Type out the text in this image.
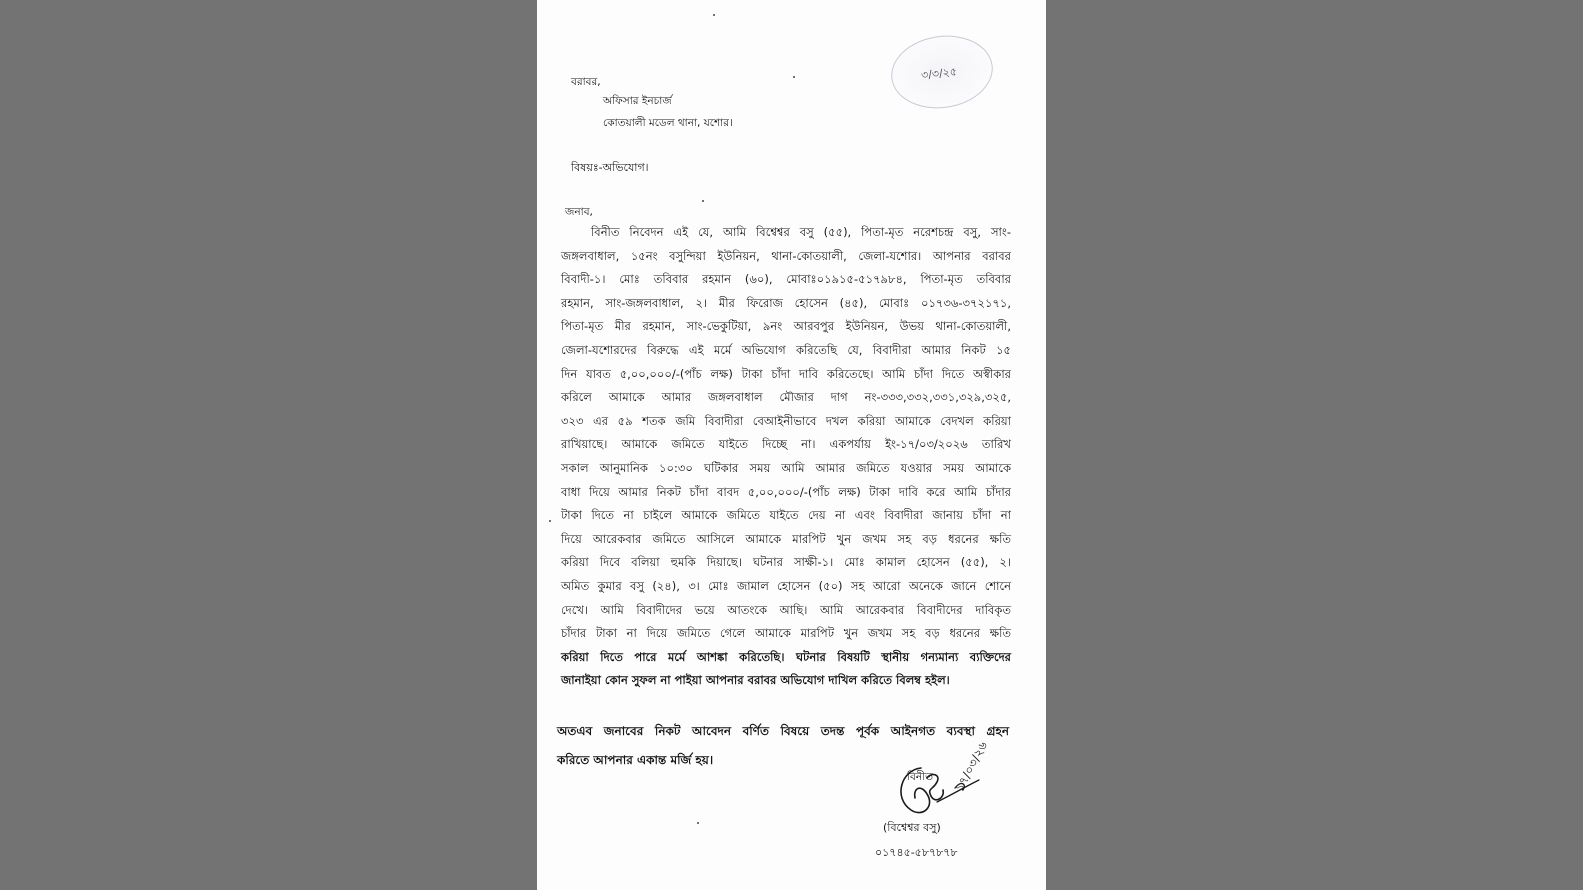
৩/৩/২৫
বরাবর,
অফিসার ইনচার্জ
কোতয়ালী মডেল থানা, যশোর।
বিষয়ঃ-অভিযোগ।
জনাব,
বিনীত নিবেদন এই যে, আমি বিশ্বেশ্বর বসু (৫৫), পিতা-মৃত নরেশচন্দ্র বসু, সাং-
জঙ্গলবাধাল, ১৫নং বসুন্দিয়া ইউনিয়ন, থানা-কোতয়ালী, জেলা-যশোর। আপনার বরাবর
বিবাদী-১। মোঃ তবিবার রহমান (৬০), মোবাঃ০১৯১৫-৫১৭৯৮৪, পিতা-মৃত তবিবার
রহমান, সাং-জঙ্গলবাধাল, ২। মীর ফিরোজ হোসেন (৪৫), মোবাঃ ০১৭৩৬-৩৭২১৭১,
পিতা-মৃত মীর রহমান, সাং-ভেকুটিয়া, ৯নং আরবপুর ইউনিয়ন, উভয় থানা-কোতয়ালী,
জেলা-যশোরদের বিরুদ্ধে এই মর্মে অভিযোগ করিতেছি যে, বিবাদীরা আমার নিকট ১৫
দিন যাবত ৫,০০,০০০/-(পাঁচ লক্ষ) টাকা চাঁদা দাবি করিতেছে। আমি চাঁদা দিতে অস্বীকার
করিলে আমাকে আমার জঙ্গলবাধাল মৌজার দাগ নং-৩৩৩,৩৩২,৩৩১,৩২৯,৩২৫,
৩২৩ এর ৫৯ শতক জমি বিবাদীরা বেআইনীভাবে দখল করিয়া আমাকে বেদখল করিয়া
রাখিয়াছে। আমাকে জমিতে যাইতে দিচ্ছে না। একপর্যায় ইং-১৭/০৩/২০২৬ তারিখ
সকাল আনুমানিক ১০:৩০ ঘটিকার সময় আমি আমার জমিতে যওয়ার সময় আমাকে
বাধা দিয়ে আমার নিকট চাঁদা বাবদ ৫,০০,০০০/-(পাঁচ লক্ষ) টাকা দাবি করে আমি চাঁদার
টাকা দিতে না চাইলে আমাকে জমিতে যাইতে দেয় না এবং বিবাদীরা জানায় চাঁদা না
দিয়ে আরেকবার জমিতে আসিলে আমাকে মারপিট খুন জখম সহ বড় ধরনের ক্ষতি
করিয়া দিবে বলিয়া হুমকি দিয়াছে। ঘটনার সাক্ষী-১। মোঃ কামাল হোসেন (৫৫), ২।
অমিত কুমার বসু (২৪), ৩। মোঃ জামাল হোসেন (৫০) সহ আরো অনেকে জানে শোনে
দেখে। আমি বিবাদীদের ভয়ে আতংকে আছি। আমি আরেকবার বিবাদীদের দাবিকৃত
চাঁদার টাকা না দিয়ে জমিতে গেলে আমাকে মারপিট খুন জখম সহ বড় ধরনের ক্ষতি
করিয়া দিতে পারে মর্মে আশঙ্কা করিতেছি। ঘটনার বিষয়টি স্থানীয় গন্যমান্য ব্যক্তিদের
জানাইয়া কোন সুফল না পাইয়া আপনার বরাবর অভিযোগ দাখিল করিতে বিলম্ব হইল।
অতএব জনাবের নিকট আবেদন বর্ণিত বিষয়ে তদন্ত পূর্বক আইনগত ব্যবস্থা গ্রহন
করিতে আপনার একান্ত মর্জি হয়।
বিনীত ১৭/০৩/২৬
(বিশ্বেশ্বর বসু)
০১৭৪৫-৫৮৭৮৭৮
